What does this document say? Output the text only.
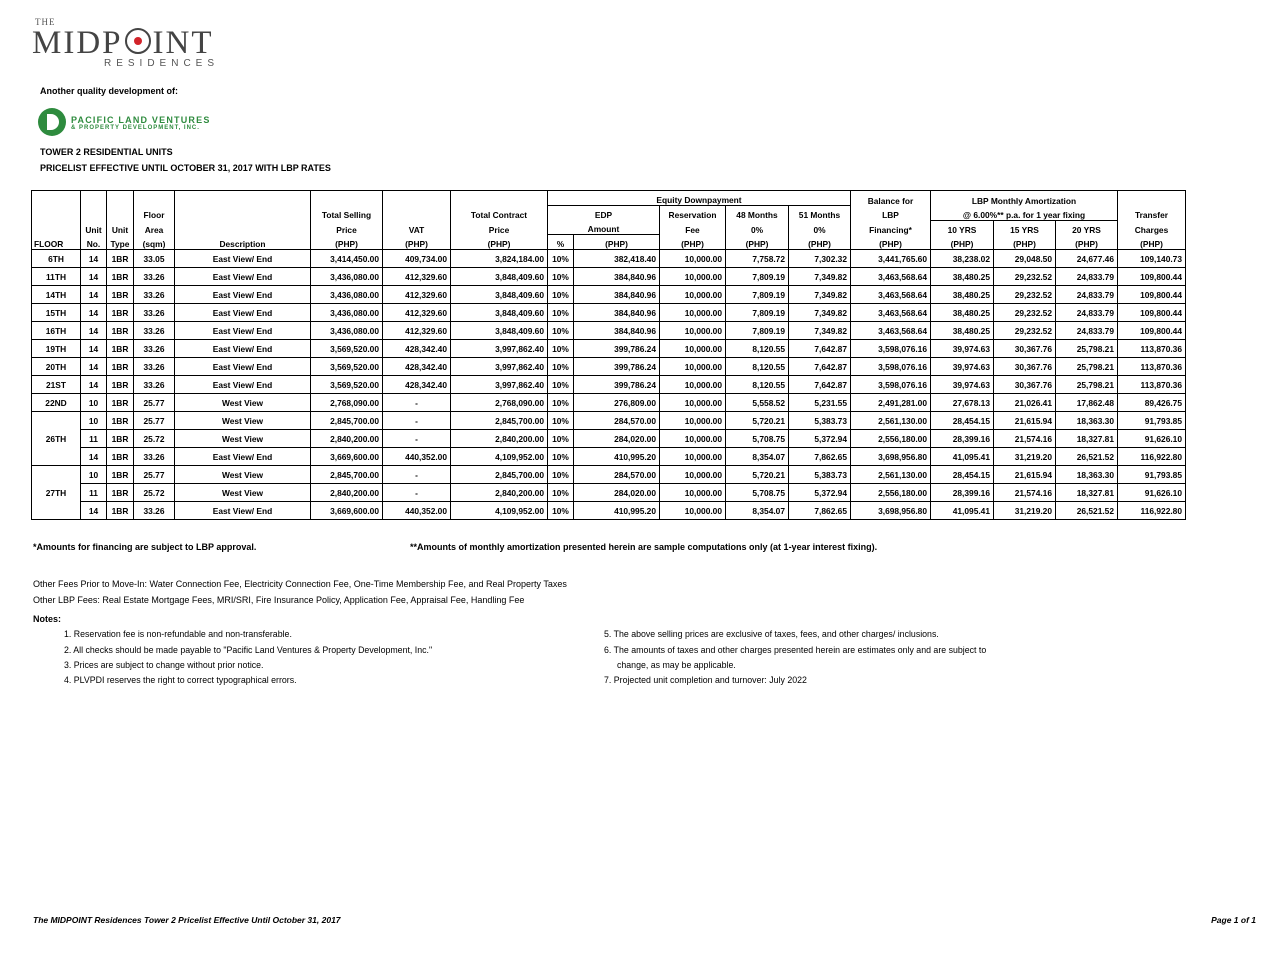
THE
MIDP INT
RESIDENCES
Another quality development of:
PACIFIC LAND VENTURES
& PROPERTY DEVELOPMENT, INC.
TOWER 2 RESIDENTIAL UNITS
PRICELIST EFFECTIVE UNTIL OCTOBER 31, 2017 WITH LBP RATES
								Equity Downpayment					Balance for	LBP Monthly Amortization			
			Floor		Total Selling		Total Contract	EDP		Reservation	48 Months	51 Months	LBP	@ 6.00%** p.a. for 1 year fixing			Transfer
	Unit	Unit	Area		Price	VAT	Price	Amount		Fee	0%	0%	Financing*	10 YRS	15 YRS	20 YRS	Charges
FLOOR	No.	Type	(sqm)	Description	(PHP)	(PHP)	(PHP)	%	(PHP)	(PHP)	(PHP)	(PHP)	(PHP)	(PHP)	(PHP)	(PHP)	(PHP)
6TH	14	1BR	33.05	East View/ End	3,414,450.00	409,734.00	3,824,184.00	10%	382,418.40	10,000.00	7,758.72	7,302.32	3,441,765.60	38,238.02	29,048.50	24,677.46	109,140.73
11TH	14	1BR	33.26	East View/ End	3,436,080.00	412,329.60	3,848,409.60	10%	384,840.96	10,000.00	7,809.19	7,349.82	3,463,568.64	38,480.25	29,232.52	24,833.79	109,800.44
14TH	14	1BR	33.26	East View/ End	3,436,080.00	412,329.60	3,848,409.60	10%	384,840.96	10,000.00	7,809.19	7,349.82	3,463,568.64	38,480.25	29,232.52	24,833.79	109,800.44
15TH	14	1BR	33.26	East View/ End	3,436,080.00	412,329.60	3,848,409.60	10%	384,840.96	10,000.00	7,809.19	7,349.82	3,463,568.64	38,480.25	29,232.52	24,833.79	109,800.44
16TH	14	1BR	33.26	East View/ End	3,436,080.00	412,329.60	3,848,409.60	10%	384,840.96	10,000.00	7,809.19	7,349.82	3,463,568.64	38,480.25	29,232.52	24,833.79	109,800.44
19TH	14	1BR	33.26	East View/ End	3,569,520.00	428,342.40	3,997,862.40	10%	399,786.24	10,000.00	8,120.55	7,642.87	3,598,076.16	39,974.63	30,367.76	25,798.21	113,870.36
20TH	14	1BR	33.26	East View/ End	3,569,520.00	428,342.40	3,997,862.40	10%	399,786.24	10,000.00	8,120.55	7,642.87	3,598,076.16	39,974.63	30,367.76	25,798.21	113,870.36
21ST	14	1BR	33.26	East View/ End	3,569,520.00	428,342.40	3,997,862.40	10%	399,786.24	10,000.00	8,120.55	7,642.87	3,598,076.16	39,974.63	30,367.76	25,798.21	113,870.36
22ND	10	1BR	25.77	West View	2,768,090.00	-	2,768,090.00	10%	276,809.00	10,000.00	5,558.52	5,231.55	2,491,281.00	27,678.13	21,026.41	17,862.48	89,426.75
26TH	10	1BR	25.77	West View	2,845,700.00	-	2,845,700.00	10%	284,570.00	10,000.00	5,720.21	5,383.73	2,561,130.00	28,454.15	21,615.94	18,363.30	91,793.85
	11	1BR	25.72	West View	2,840,200.00	-	2,840,200.00	10%	284,020.00	10,000.00	5,708.75	5,372.94	2,556,180.00	28,399.16	21,574.16	18,327.81	91,626.10
	14	1BR	33.26	East View/ End	3,669,600.00	440,352.00	4,109,952.00	10%	410,995.20	10,000.00	8,354.07	7,862.65	3,698,956.80	41,095.41	31,219.20	26,521.52	116,922.80
27TH	10	1BR	25.77	West View	2,845,700.00	-	2,845,700.00	10%	284,570.00	10,000.00	5,720.21	5,383.73	2,561,130.00	28,454.15	21,615.94	18,363.30	91,793.85
	11	1BR	25.72	West View	2,840,200.00	-	2,840,200.00	10%	284,020.00	10,000.00	5,708.75	5,372.94	2,556,180.00	28,399.16	21,574.16	18,327.81	91,626.10
	14	1BR	33.26	East View/ End	3,669,600.00	440,352.00	4,109,952.00	10%	410,995.20	10,000.00	8,354.07	7,862.65	3,698,956.80	41,095.41	31,219.20	26,521.52	116,922.80
*Amounts for financing are subject to LBP approval.	**Amounts of monthly amortization presented herein are sample computations only (at 1-year interest fixing).
Other Fees Prior to Move-In: Water Connection Fee, Electricity Connection Fee, One-Time Membership Fee, and Real Property Taxes
Other LBP Fees: Real Estate Mortgage Fees, MRI/SRI, Fire Insurance Policy, Application Fee, Appraisal Fee, Handling Fee
Notes:
1. Reservation fee is non-refundable and non-transferable.
2. All checks should be made payable to "Pacific Land Ventures & Property Development, Inc."
3. Prices are subject to change without prior notice.
4. PLVPDI reserves the right to correct typographical errors.
5. The above selling prices are exclusive of taxes, fees, and other charges/ inclusions.
6. The amounts of taxes and other charges presented herein are estimates only and are subject to
change, as may be applicable.
7. Projected unit completion and turnover: July 2022
The MIDPOINT Residences Tower 2 Pricelist Effective Until October 31, 2017	Page 1 of 1
